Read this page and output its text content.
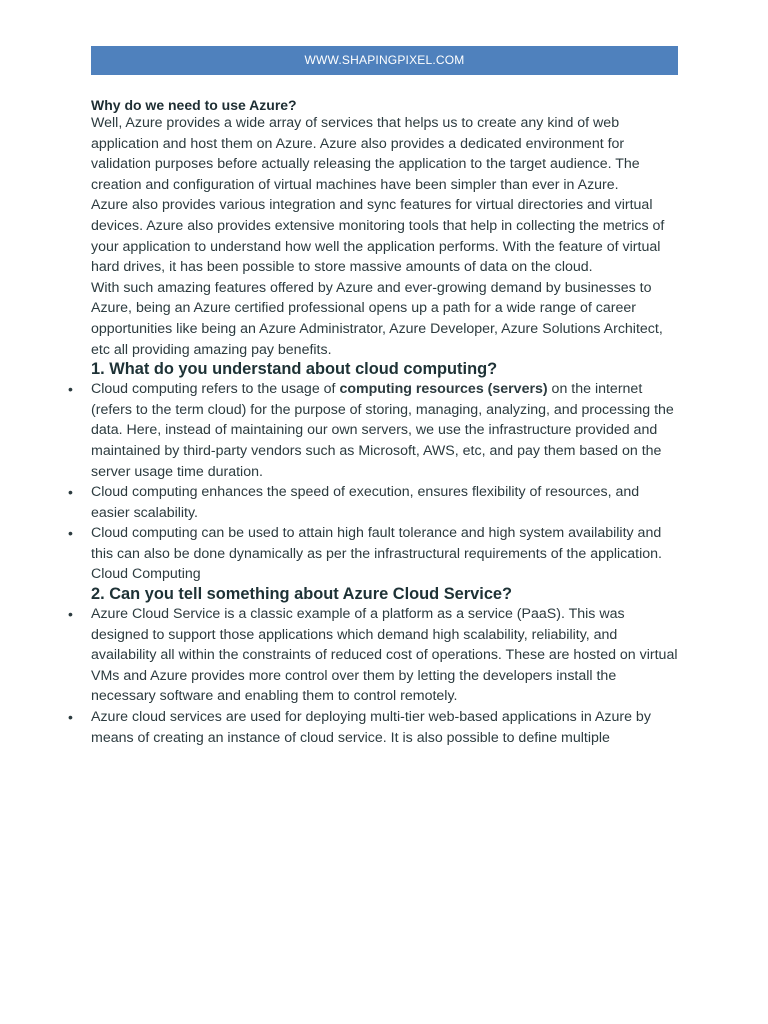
WWW.SHAPINGPIXEL.COM
Why do we need to use Azure?

Well, Azure provides a wide array of services that helps us to create any kind of web application and host them on Azure. Azure also provides a dedicated environment for validation purposes before actually releasing the application to the target audience. The creation and configuration of virtual machines have been simpler than ever in Azure.

Azure also provides various integration and sync features for virtual directories and virtual devices. Azure also provides extensive monitoring tools that help in collecting the metrics of your application to understand how well the application performs. With the feature of virtual hard drives, it has been possible to store massive amounts of data on the cloud.

With such amazing features offered by Azure and ever-growing demand by businesses to Azure, being an Azure certified professional opens up a path for a wide range of career opportunities like being an Azure Administrator, Azure Developer, Azure Solutions Architect, etc all providing amazing pay benefits.

1. What do you understand about cloud computing?
• Cloud computing refers to the usage of computing resources (servers) on the internet (refers to the term cloud) for the purpose of storing, managing, analyzing, and processing the data. Here, instead of maintaining our own servers, we use the infrastructure provided and maintained by third-party vendors such as Microsoft, AWS, etc, and pay them based on the server usage time duration.
• Cloud computing enhances the speed of execution, ensures flexibility of resources, and easier scalability.
• Cloud computing can be used to attain high fault tolerance and high system availability and this can also be done dynamically as per the infrastructural requirements of the application.
Cloud Computing
2. Can you tell something about Azure Cloud Service?
• Azure Cloud Service is a classic example of a platform as a service (PaaS). This was designed to support those applications which demand high scalability, reliability, and availability all within the constraints of reduced cost of operations. These are hosted on virtual VMs and Azure provides more control over them by letting the developers install the necessary software and enabling them to control remotely.
• Azure cloud services are used for deploying multi-tier web-based applications in Azure by means of creating an instance of cloud service. It is also possible to define multiple
